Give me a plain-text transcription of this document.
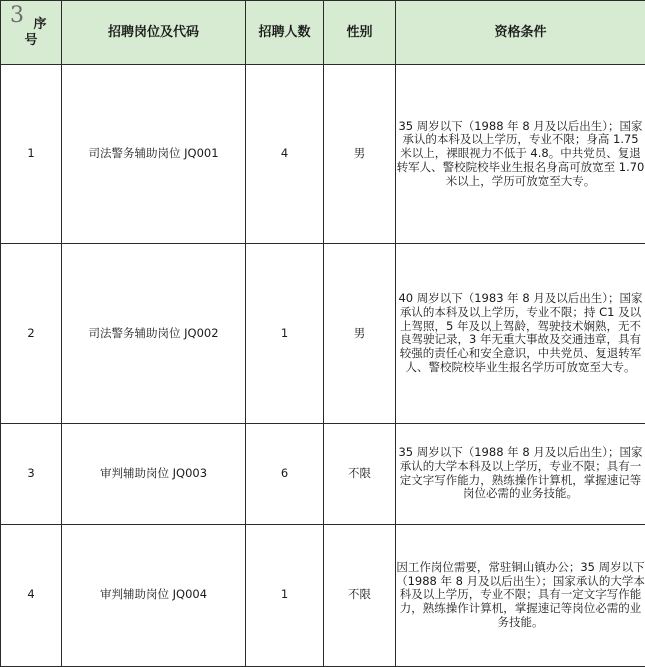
3 序
号	招聘岗位及代码	招聘人数	性别	资格条件
1	司法警务辅助岗位 JQ001	4	男	35 周岁以下（1988 年 8 月及以后出生）；国家承认的本科及以上学历，专业不限；身高 1.75 米以上，裸眼视力不低于 4.8。中共党员、复退转军人、警校院校毕业生报名身高可放宽至 1.70 米以上，学历可放宽至大专。
2	司法警务辅助岗位 JQ002	1	男	40 周岁以下（1983 年 8 月及以后出生）；国家承认的本科及以上学历，专业不限；持 C1 及以上驾照，5 年及以上驾龄，驾驶技术娴熟，无不良驾驶记录，3 年无重大事故及交通违章，具有较强的责任心和安全意识，中共党员、复退转军人、警校院校毕业生报名学历可放宽至大专。
3	审判辅助岗位 JQ003	6	不限	35 周岁以下（1988 年 8 月及以后出生）；国家承认的大学本科及以上学历，专业不限；具有一定文字写作能力，熟练操作计算机，掌握速记等岗位必需的业务技能。
4	审判辅助岗位 JQ004	1	不限	因工作岗位需要，常驻铜山镇办公；35 周岁以下（1988 年 8 月及以后出生）；国家承认的大学本科及以上学历，专业不限；具有一定文字写作能力，熟练操作计算机，掌握速记等岗位必需的业务技能。
